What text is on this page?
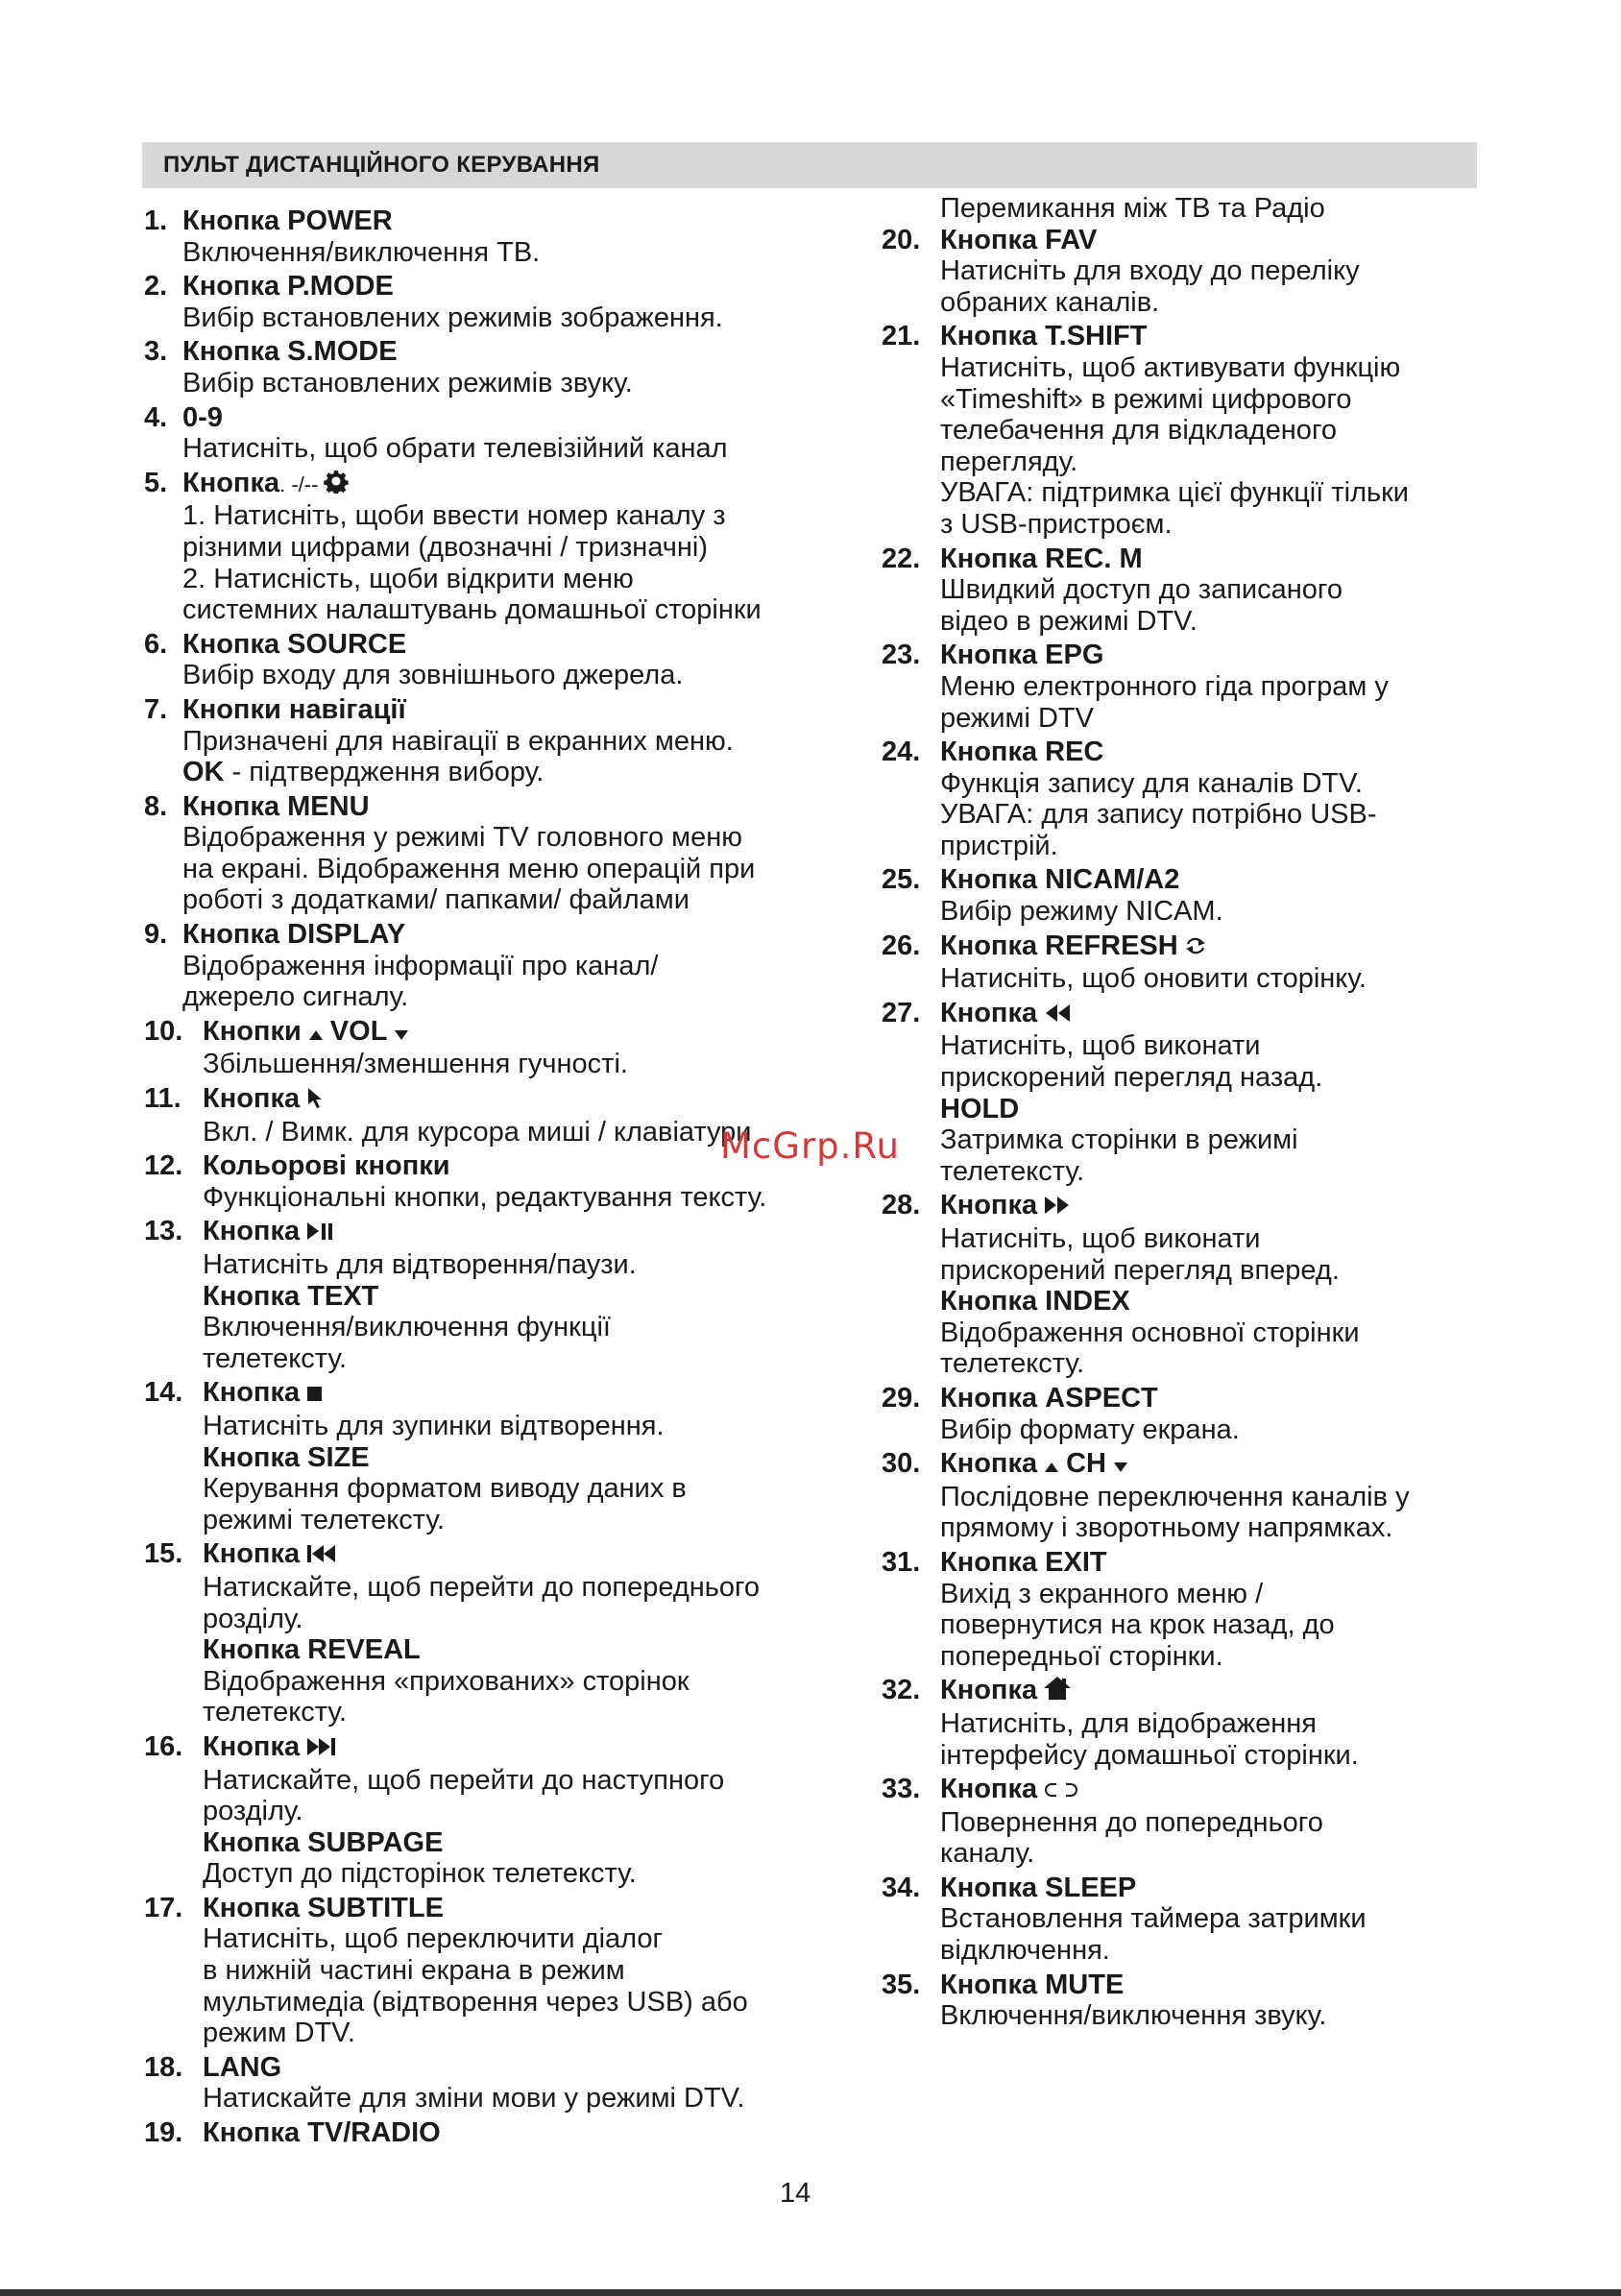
ПУЛЬТ ДИСТАНЦІЙНОГО КЕРУВАННЯ
1. Кнопка POWER
Включення/виключення ТВ.
2. Кнопка P.MODE
Вибір встановлених режимів зображення.
3. Кнопка S.MODE
Вибір встановлених режимів звуку.
4. 0-9
Натисніть, щоб обрати телевізійний канал
5. Кнопка. -/--
1. Натисніть, щоби ввести номер каналу з
різними цифрами (двозначні / тризначні)
2. Натисність, щоби відкрити меню
системних налаштувань домашньої сторінки
6. Кнопка SOURCE
Вибір входу для зовнішнього джерела.
7. Кнопки навігації
Призначені для навігації в екранних меню.
OK - підтвердження вибору.
8. Кнопка MENU
Відображення у режимі TV головного меню
на екрані. Відображення меню операцій при
роботі з додатками/ папками/ файлами
9. Кнопка DISPLAY
Відображення інформації про канал/
джерело сигналу.
10. Кнопки VOL
Збільшення/зменшення гучності.
11. Кнопка
Вкл. / Вимк. для курсора миші / клавіатури
12. Кольорові кнопки
Функціональні кнопки, редактування тексту.
13. Кнопка
Натисніть для відтворення/паузи.
Кнопка TEXT
Включення/виключення функції
телетексту.
14. Кнопка
Натисніть для зупинки відтворення.
Кнопка SIZE
Керування форматом виводу даних в
режимі телетексту.
15. Кнопка
Натискайте, щоб перейти до попереднього
розділу.
Кнопка REVEAL
Відображення «прихованих» сторінок
телетексту.
16. Кнопка
Натискайте, щоб перейти до наступного
розділу.
Кнопка SUBPAGE
Доступ до підсторінок телетексту.
17. Кнопка SUBTITLE
Натисніть, щоб переключити діалог
в нижній частині екрана в режим
мультимедіа (відтворення через USB) або
режим DTV.
18. LANG
Натискайте для зміни мови у режимі DTV.
19. Кнопка TV/RADIO
Перемикання між ТВ та Радіо
20. Кнопка FAV
Натисніть для входу до переліку
обраних каналів.
21. Кнопка T.SHIFT
Натисніть, щоб активувати функцію
«Timeshift» в режимі цифрового
телебачення для відкладеного
перегляду.
УВАГА: підтримка цієї функції тільки
з USB-пристроєм.
22. Кнопка REC. M
Швидкий доступ до записаного
відео в режимі DTV.
23. Кнопка EPG
Меню електронного гіда програм у
режимі DTV
24. Кнопка REC
Функція запису для каналів DTV.
УВАГА: для запису потрібно USB-
пристрій.
25. Кнопка NICAM/A2
Вибір режиму NICAM.
26. Кнопка REFRESH
Натисніть, щоб оновити сторінку.
27. Кнопка
Натисніть, щоб виконати
прискорений перегляд назад.
HOLD
Затримка сторінки в режимі
телетексту.
28. Кнопка
Натисніть, щоб виконати
прискорений перегляд вперед.
Кнопка INDEX
Відображення основної сторінки
телетексту.
29. Кнопка ASPECT
Вибір формату екрана.
30. Кнопка CH
Послідовне переключення каналів у
прямому і зворотньому напрямках.
31. Кнопка EXIT
Вихід з екранного меню /
повернутися на крок назад, до
попередньої сторінки.
32. Кнопка
Натисніть, для відображення
інтерфейсу домашньої сторінки.
33. Кнопка
Повернення до попереднього
каналу.
34. Кнопка SLEEP
Встановлення таймера затримки
відключення.
35. Кнопка MUTE
Включення/виключення звуку.
McGrp.Ru
14
